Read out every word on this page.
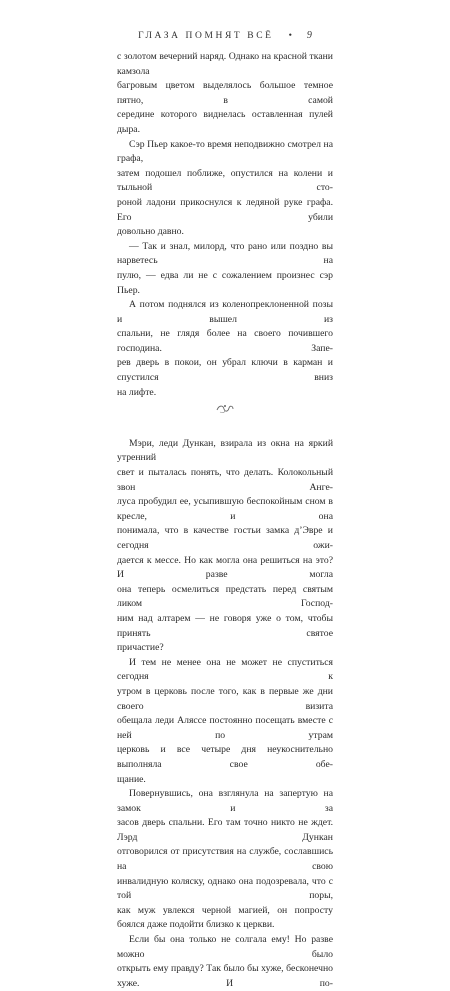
ГЛАЗА ПОМНЯТ ВСЁ • 9

с золотом вечерний наряд. Однако на красной ткани камзола

багровым цветом выделялось большое темное пятно, в самой

середине которого виднелась оставленная пулей дыра.

Сэр Пьер какое-то время неподвижно смотрел на графа,

затем подошел поближе, опустился на колени и тыльной сто-

роной ладони прикоснулся к ледяной руке графа. Его убили

довольно давно.

— Так и знал, милорд, что рано или поздно вы нарветесь на

пулю, — едва ли не с сожалением произнес сэр Пьер.

А потом поднялся из коленопреклоненной позы и вышел из

спальни, не глядя более на своего почившего господина. Запе-

рев дверь в покои, он убрал ключи в карман и спустился вниз

на лифте.

Мэри, леди Дункан, взирала из окна на яркий утренний

свет и пыталась понять, что делать. Колокольный звон Анге-

луса пробудил ее, усыпившую беспокойным сном в кресле, и она

понимала, что в качестве гостьи замка д’Эвре и сегодня ожи-

дается к мессе. Но как могла она решиться на это? И разве могла

она теперь осмелиться предстать перед святым ликом Господ-

ним над алтарем — не говоря уже о том, чтобы принять святое

причастие?

И тем не менее она не может не спуститься сегодня к

утром в церковь после того, как в первые же дни своего визита

обещала леди Аляссе постоянно посещать вместе с ней по утрам

церковь и все четыре дня неукоснительно выполняла свое обе-

щание.

Повернувшись, она взглянула на запертую на замок и за

засов дверь спальни. Его там точно никто не ждет. Лэрд Дункан

отговорился от присутствия на службе, сославшись на свою

инвалидную коляску, однако она подозревала, что с той поры,

как муж увлекся черной магией, он попросту

боялся даже подойти близко к церкви.

Если бы она только не солгала ему! Но разве можно было

открыть ему правду? Так было бы хуже, бесконечно хуже. И по-
